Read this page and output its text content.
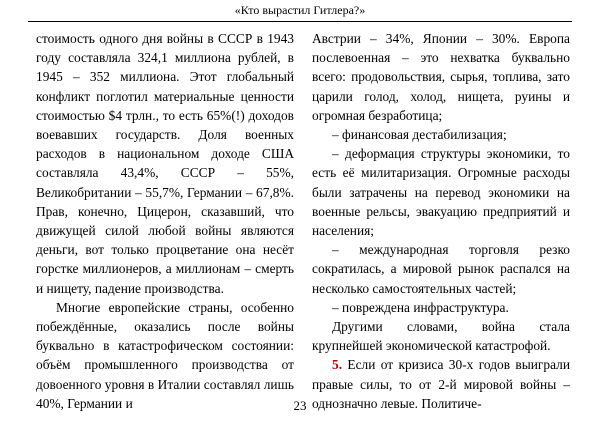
«Кто вырастил Гитлера?»

стоимость одного дня войны в СССР в 1943 году составляла 324,1 миллиона рублей, в 1945 – 352 миллиона. Этот глобальный конфликт поглотил материальные ценности стоимостью $4 трлн., то есть 65%(!) доходов воевавших государств. Доля военных расходов в национальном доходе США составляла 43,4%, СССР – 55%, Великобритании – 55,7%, Германии – 67,8%. Прав, конечно, Цицерон, сказавший, что движущей силой любой войны являются деньги, вот только процветание она несёт горстке миллионеров, а миллионам – смерть и нищету, падение производства.

Многие европейские страны, особенно побеждённые, оказались после войны буквально в катастрофическом состоянии: объём промышленного производства от довоенного уровня в Италии составлял лишь 40%, Германии и

Австрии – 34%, Японии – 30%. Европа послевоенная – это нехватка буквально всего: продовольствия, сырья, топлива, зато царили голод, холод, нищета, руины и огромная безработица;

– финансовая дестабилизация;

– деформация структуры экономики, то есть её милитаризация. Огромные расходы были затрачены на перевод экономики на военные рельсы, эвакуацию предприятий и населения;

– международная торговля резко сократилась, а мировой рынок распался на несколько самостоятельных частей;

– повреждена инфраструктура.

Другими словами, война стала крупнейшей экономической катастрофой.

5. Если от кризиса 30-х годов выиграли правые силы, то от 2-й мировой войны – однозначно левые. Политиче-

23
